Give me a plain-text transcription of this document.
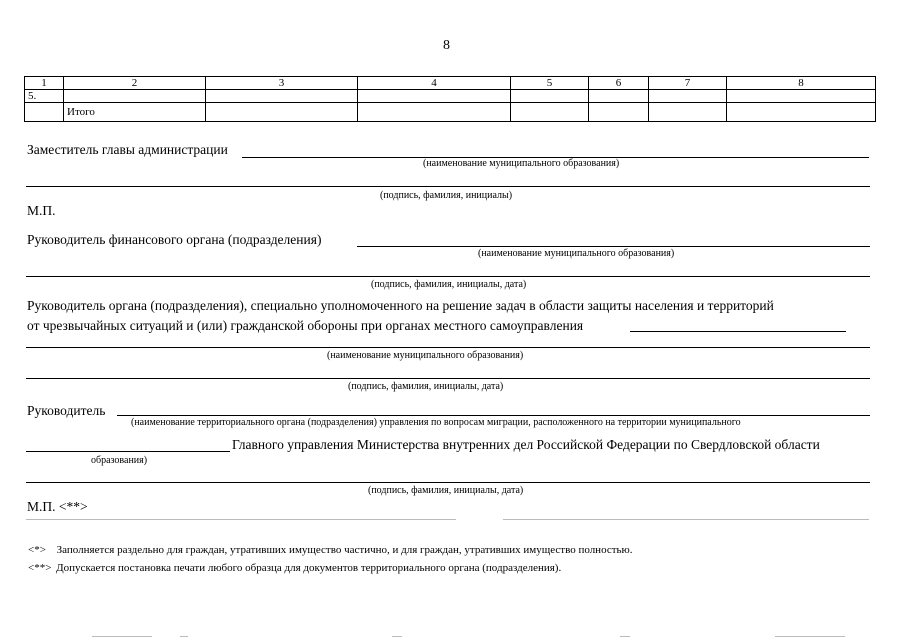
8
1	2	3	4	5	6	7	8
5.							
	Итого						
Заместитель главы администрации
(наименование муниципального образования)
(подпись, фамилия, инициалы)
М.П.
Руководитель финансового органа (подразделения)
(наименование муниципального образования)
(подпись, фамилия, инициалы, дата)
Руководитель органа (подразделения), специально уполномоченного на решение задач в области защиты населения и территорий
от чрезвычайных ситуаций и (или) гражданской обороны при органах местного самоуправления
(наименование муниципального образования)
(подпись, фамилия, инициалы, дата)
Руководитель
(наименование территориального органа (подразделения) управления по вопросам миграции, расположенного на территории муниципального
Главного управления Министерства внутренних дел Российской Федерации по Свердловской области
образования)
(подпись, фамилия, инициалы, дата)
М.П. <**>
<*> Заполняется раздельно для граждан, утративших имущество частично, и для граждан, утративших имущество полностью.
<**> Допускается постановка печати любого образца для документов территориального органа (подразделения).
